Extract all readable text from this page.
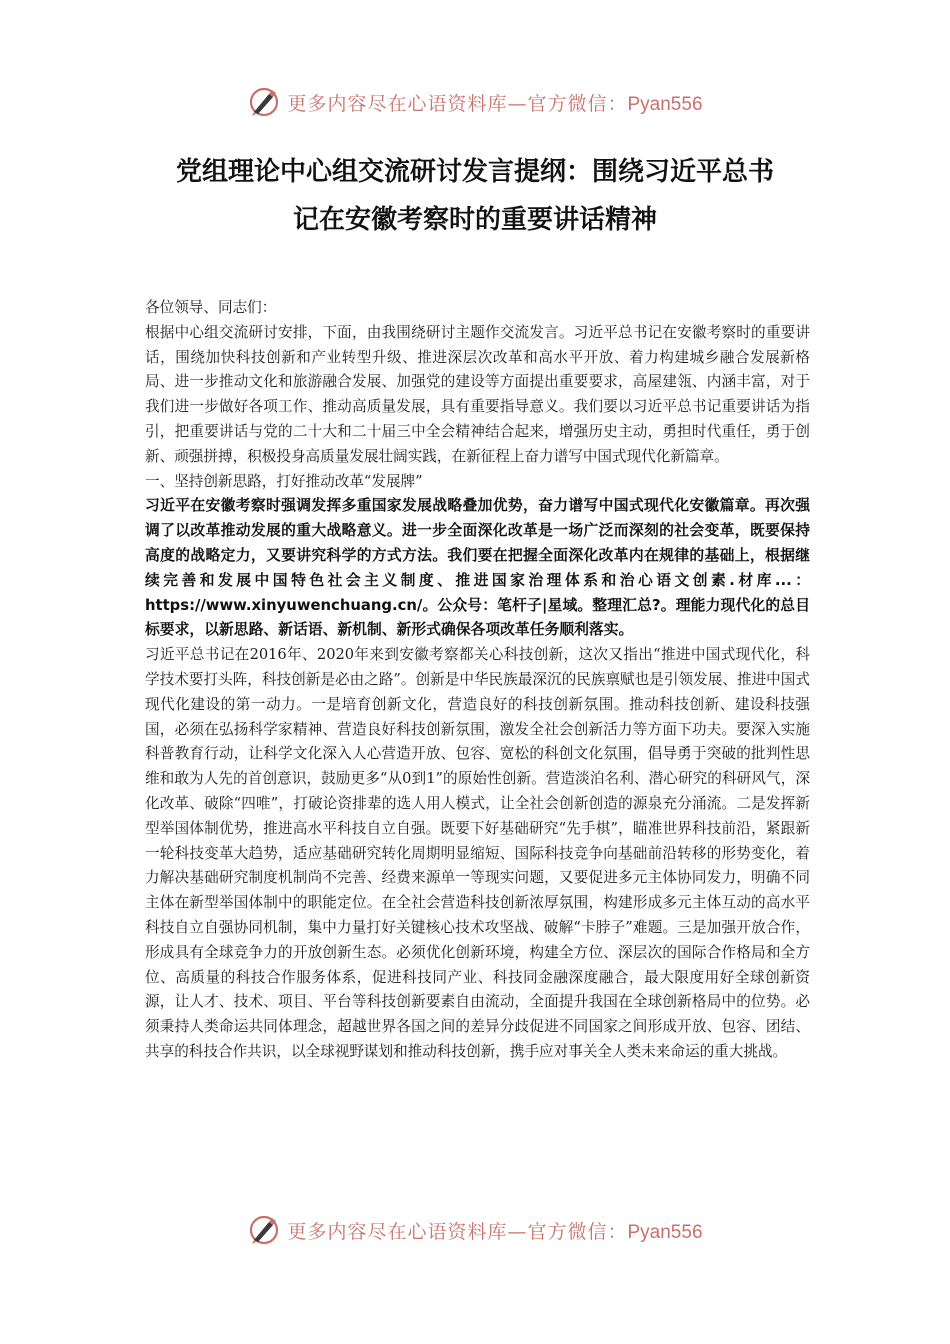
更多内容尽在心语资料库—官方微信：Pyan556
党组理论中心组交流研讨发言提纲：围绕习近平总书
记在安徽考察时的重要讲话精神

各位领导、同志们：

根据中心组交流研讨安排，下面，由我围绕研讨主题作交流发言。习近平总书记在安徽考察时的重要讲话，围绕加快科技创新和产业转型升级、推进深层次改革和高水平开放、着力构建城乡融合发展新格局、进一步推动文化和旅游融合发展、加强党的建设等方面提出重要要求，高屋建瓴、内涵丰富，对于我们进一步做好各项工作、推动高质量发展，具有重要指导意义。我们要以习近平总书记重要讲话为指引，把重要讲话与党的二十大和二十届三中全会精神结合起来，增强历史主动，勇担时代重任，勇于创新、顽强拼搏，积极投身高质量发展壮阔实践，在新征程上奋力谱写中国式现代化新篇章。

一、坚持创新思路，打好推动改革“发展牌”

习近平在安徽考察时强调发挥多重国家发展战略叠加优势，奋力谱写中国式现代化安徽篇章。再次强调了以改革推动发展的重大战略意义。进一步全面深化改革是一场广泛而深刻的社会变革，既要保持高度的战略定力，又要讲究科学的方式方法。我们要在把握全面深化改革内在规律的基础上，根据继续完善和发展中国特色社会主义制度、推进国家治理体系和治心语文创素.材库...：https://www.xinyuwenchuang.cn/。公众号：笔杆子|星域。整理汇总?。理能力现代化的总目标要求，以新思路、新话语、新机制、新形式确保各项改革任务顺利落实。

习近平总书记在2016年、2020年来到安徽考察都关心科技创新，这次又指出“推进中国式现代化，科学技术要打头阵，科技创新是必由之路”。创新是中华民族最深沉的民族禀赋也是引领发展、推进中国式现代化建设的第一动力。一是培育创新文化，营造良好的科技创新氛围。推动科技创新、建设科技强国，必须在弘扬科学家精神、营造良好科技创新氛围，激发全社会创新活力等方面下功夫。要深入实施科普教育行动，让科学文化深入人心营造开放、包容、宽松的科创文化氛围，倡导勇于突破的批判性思维和敢为人先的首创意识，鼓励更多“从0到1”的原始性创新。营造淡泊名利、潜心研究的科研风气，深化改革、破除“四唯”，打破论资排辈的选人用人模式，让全社会创新创造的源泉充分涌流。二是发挥新型举国体制优势，推进高水平科技自立自强。既要下好基础研究“先手棋”，瞄准世界科技前沿，紧跟新一轮科技变革大趋势，适应基础研究转化周期明显缩短、国际科技竞争向基础前沿转移的形势变化，着力解决基础研究制度机制尚不完善、经费来源单一等现实问题，又要促进多元主体协同发力，明确不同主体在新型举国体制中的职能定位。在全社会营造科技创新浓厚氛围，构建形成多元主体互动的高水平科技自立自强协同机制，集中力量打好关键核心技术攻坚战、破解“卡脖子”难题。三是加强开放合作，形成具有全球竞争力的开放创新生态。必须优化创新环境，构建全方位、深层次的国际合作格局和全方位、高质量的科技合作服务体系，促进科技同产业、科技同金融深度融合，最大限度用好全球创新资源，让人才、技术、项目、平台等科技创新要素自由流动，全面提升我国在全球创新格局中的位势。必须秉持人类命运共同体理念，超越世界各国之间的差异分歧促进不同国家之间形成开放、包容、团结、共享的科技合作共识，以全球视野谋划和推动科技创新，携手应对事关全人类未来命运的重大挑战。

更多内容尽在心语资料库—官方微信：Pyan556
